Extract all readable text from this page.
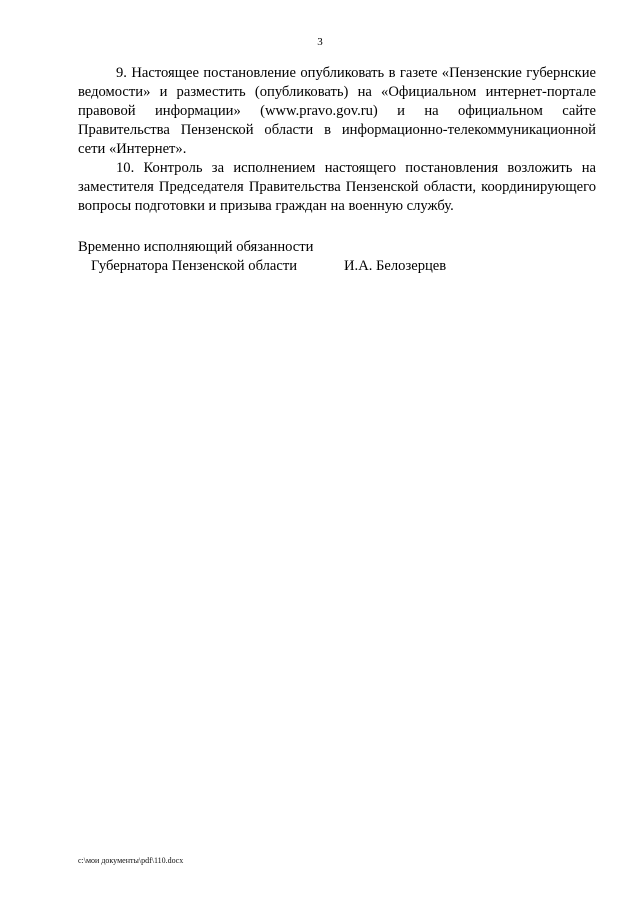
3

9. Настоящее постановление опубликовать в газете «Пензенские губернские ведомости» и разместить (опубликовать) на «Официальном интернет-портале правовой информации» (www.pravo.gov.ru) и на официальном сайте Правительства Пензенской области в информационно-телекоммуникационной сети «Интернет».

10. Контроль за исполнением настоящего постановления возложить на заместителя Председателя Правительства Пензенской области, координирующего вопросы подготовки и призыва граждан на военную службу.

Временно исполняющий обязанности
Губернатора Пензенской области	И.А. Белозерцев
c:\мои документы\pdf\110.docx
